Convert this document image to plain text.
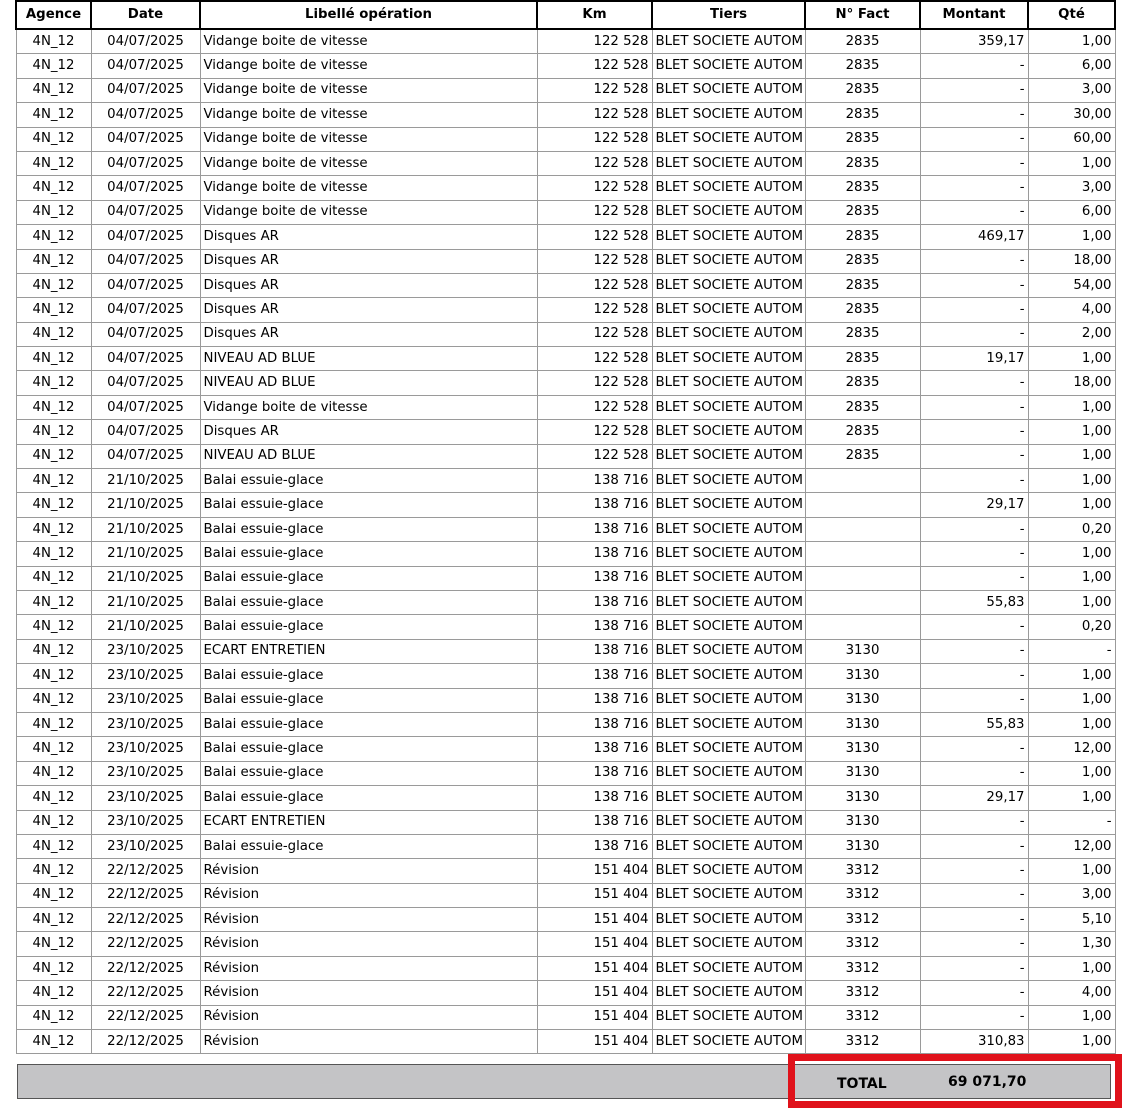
Agence	Date	Libellé opération	Km	Tiers	N° Fact	Montant	Qté
4N_12	04/07/2025	Vidange boite de vitesse	122 528	BLET SOCIETE AUTOM	2835	359,17	1,00
4N_12	04/07/2025	Vidange boite de vitesse	122 528	BLET SOCIETE AUTOM	2835	-	6,00
4N_12	04/07/2025	Vidange boite de vitesse	122 528	BLET SOCIETE AUTOM	2835	-	3,00
4N_12	04/07/2025	Vidange boite de vitesse	122 528	BLET SOCIETE AUTOM	2835	-	30,00
4N_12	04/07/2025	Vidange boite de vitesse	122 528	BLET SOCIETE AUTOM	2835	-	60,00
4N_12	04/07/2025	Vidange boite de vitesse	122 528	BLET SOCIETE AUTOM	2835	-	1,00
4N_12	04/07/2025	Vidange boite de vitesse	122 528	BLET SOCIETE AUTOM	2835	-	3,00
4N_12	04/07/2025	Vidange boite de vitesse	122 528	BLET SOCIETE AUTOM	2835	-	6,00
4N_12	04/07/2025	Disques AR	122 528	BLET SOCIETE AUTOM	2835	469,17	1,00
4N_12	04/07/2025	Disques AR	122 528	BLET SOCIETE AUTOM	2835	-	18,00
4N_12	04/07/2025	Disques AR	122 528	BLET SOCIETE AUTOM	2835	-	54,00
4N_12	04/07/2025	Disques AR	122 528	BLET SOCIETE AUTOM	2835	-	4,00
4N_12	04/07/2025	Disques AR	122 528	BLET SOCIETE AUTOM	2835	-	2,00
4N_12	04/07/2025	NIVEAU AD BLUE	122 528	BLET SOCIETE AUTOM	2835	19,17	1,00
4N_12	04/07/2025	NIVEAU AD BLUE	122 528	BLET SOCIETE AUTOM	2835	-	18,00
4N_12	04/07/2025	Vidange boite de vitesse	122 528	BLET SOCIETE AUTOM	2835	-	1,00
4N_12	04/07/2025	Disques AR	122 528	BLET SOCIETE AUTOM	2835	-	1,00
4N_12	04/07/2025	NIVEAU AD BLUE	122 528	BLET SOCIETE AUTOM	2835	-	1,00
4N_12	21/10/2025	Balai essuie-glace	138 716	BLET SOCIETE AUTOM		-	1,00
4N_12	21/10/2025	Balai essuie-glace	138 716	BLET SOCIETE AUTOM		29,17	1,00
4N_12	21/10/2025	Balai essuie-glace	138 716	BLET SOCIETE AUTOM		-	0,20
4N_12	21/10/2025	Balai essuie-glace	138 716	BLET SOCIETE AUTOM		-	1,00
4N_12	21/10/2025	Balai essuie-glace	138 716	BLET SOCIETE AUTOM		-	1,00
4N_12	21/10/2025	Balai essuie-glace	138 716	BLET SOCIETE AUTOM		55,83	1,00
4N_12	21/10/2025	Balai essuie-glace	138 716	BLET SOCIETE AUTOM		-	0,20
4N_12	23/10/2025	ECART ENTRETIEN	138 716	BLET SOCIETE AUTOM	3130	-	-
4N_12	23/10/2025	Balai essuie-glace	138 716	BLET SOCIETE AUTOM	3130	-	1,00
4N_12	23/10/2025	Balai essuie-glace	138 716	BLET SOCIETE AUTOM	3130	-	1,00
4N_12	23/10/2025	Balai essuie-glace	138 716	BLET SOCIETE AUTOM	3130	55,83	1,00
4N_12	23/10/2025	Balai essuie-glace	138 716	BLET SOCIETE AUTOM	3130	-	12,00
4N_12	23/10/2025	Balai essuie-glace	138 716	BLET SOCIETE AUTOM	3130	-	1,00
4N_12	23/10/2025	Balai essuie-glace	138 716	BLET SOCIETE AUTOM	3130	29,17	1,00
4N_12	23/10/2025	ECART ENTRETIEN	138 716	BLET SOCIETE AUTOM	3130	-	-
4N_12	23/10/2025	Balai essuie-glace	138 716	BLET SOCIETE AUTOM	3130	-	12,00
4N_12	22/12/2025	Révision	151 404	BLET SOCIETE AUTOM	3312	-	1,00
4N_12	22/12/2025	Révision	151 404	BLET SOCIETE AUTOM	3312	-	3,00
4N_12	22/12/2025	Révision	151 404	BLET SOCIETE AUTOM	3312	-	5,10
4N_12	22/12/2025	Révision	151 404	BLET SOCIETE AUTOM	3312	-	1,30
4N_12	22/12/2025	Révision	151 404	BLET SOCIETE AUTOM	3312	-	1,00
4N_12	22/12/2025	Révision	151 404	BLET SOCIETE AUTOM	3312	-	4,00
4N_12	22/12/2025	Révision	151 404	BLET SOCIETE AUTOM	3312	-	1,00
4N_12	22/12/2025	Révision	151 404	BLET SOCIETE AUTOM	3312	310,83	1,00
TOTAL	69 071,70
